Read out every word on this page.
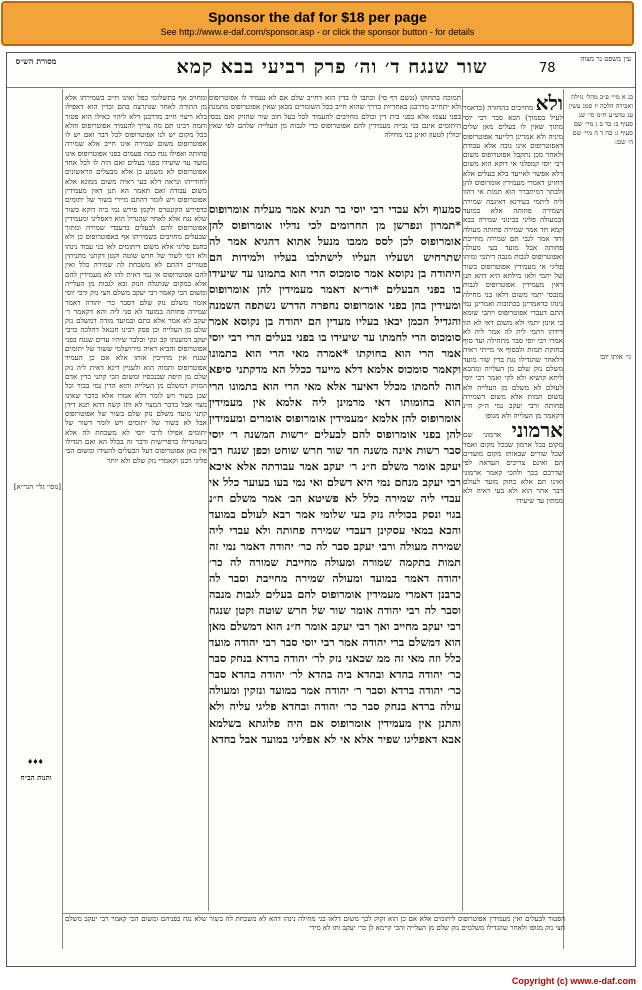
Sponsor the daf for $18 per page
See http://www.e-daf.com/sponsor.asp - or click the sponsor button - for details
מסורת הש״ס	שור שנגח ד׳ וה׳ פרק רביעי בבא קמא	78
עין משפט נר מצוה
בג א מיי׳ פ״ב מהל׳ גזילה ואבידה הלכה יז סמג עשין עג טוש״ע ח״מ סי׳ שנ סעיף ב: בד ב ג מיי׳ שם סעיף ג: בה ד ה מיי׳ שם ה׳ שם:
גי׳ אותו יובו
ולא מחויבים בהחזרה (כדאמר לעיל בסמוך) הכא סבר רבי יוסי מתוך שאין לו בעלים מאן שלים מיניה ולא אמרינן דלייעד אפוטרופוס דאפוטרופוס אינו גובה אלא עבודת ולאחר מכן נתקבל אפוטרופוס משום רבי יוסי קמפלגי אי דוקא הוא משום דלא אפשר לאייעד בלא בעלים אלא דחזינן דאמרי מעמידין אומרופוס להן ולבתר דמיתברר הוא תמות אי דהוו ליה ליתמי בעידנא דאיגבה שמירה ושמירה פחותה אלא במועד ובמעולה פליגי בבינוני שמירה בבא קמא חד אמר שמירה פחותה מעולה וחד אמר לגבי תם שמירה מחייבת פחותה אבל מועד בעי מעולה ואפוטרופוס לגבות מנבה דיתמי ומיהו פליגי אי מעמידין אפוטרופוס בשור של יתמי ולאו מילתא היא דהא תנן דאין מעמידין אפוטרופוס לגבות מנכסי יתמי משום דלאו בני מחילה נינהו כדאמרינן בכתובות ואמרינן נמי התם דעבדי אפוטרופוס ויהבי שומא כי אינון יתמי ולא משום דאי לא הוו דידהו ויתמי לית לה אמר ליה לא אמרו רבי יוסי סבר מתחילה ועד סוף בחזקת תמות ולבסוף אי מייתי ראיה דלאחר שהגדילו נגח בדין שור מועד משלם נזק שלם מן העלייה ומהכא ליתא קושיא ולא לקי ואמר רבי יוסי לעולם לא משלם מן העלייה ולא משום תמות אלא משום דשמירה פחותה ורבי יעקב נמי ה״ק ח״נ דקאמר מן העלייה ולא מגופו
ארמוני ארמוני שם מקום בכל ארמון שבכל מקום ואמר שכל שורים שבאותו מקום מועדים הם ואינם צריכים העדאה לפי שדרכם בכך ולהכי קאמר ארמוני ואינו תם אלא כחוק מועד לעולם דבר אחר הוא ולא בעי ראיה ולא ממתין עד שיעידו
תמוכה בתחוקו (נגשם דף סי) וכתבו לו בדין הוא דחייב שלם אם לא נעמיד לו אפוטרופוס ולא יתחייב מדרבנן באחריות כדרך שהוא חייב בכל השומרים מכאן שאין אפוטרופוס מתמנה בפני עצמו אלא בפני בית דין וכולם מחויבים להעמיד לכל בעל חוב שור שהזיק ואם נכסי היתומים אינם בני גבייה מעמידין להם אפוטרופוס כדי לגבות מן העלייה שלהם לפי שאין יכולין לטעון ואינן בני מחילה
סמעוף ולא עבדי רבי יוסי בר תניא אמר מעליה אומרופוס *תמרון ונפרשן מן החרומים לכי נדליו אומרופוס להן אומרופוס לכן לסס ממבו מנעל אתוא דהגיא אמר לה שתרחיש ושעליו העליו לישתלבו בעליו ולמידות הם היהודה בן נקוסא אמר סומכוס הרי הוא בתמונו עד שיעידו בו בפני הבעלים *ור״א דאמר מעמידין להן אומרופוס ומעידין בהן בפני אומרופוס נחפרה הדרש נשתפה השמנה והגדיל הכמן יבאו בעליו מעדין הם יהודה בן נקוסא אמר סומכוס הרי לחמתו עד שיעידו בו בפני בעלים הרי רבי יוסי אמר הרי הוא בחוקתו *אמרה מאי הרי הוא בתמונו וקאמר סומכוס אלמא דלא מייעד ככלל הא מדקתני סיפא הוה לחמתו מכלל דאיעד אלא מאי הרי הוא בתמונו הרי הוא בחומותו דאי מרמינן ליה אלמא אין מעמידין אומרופוס להן אלמא ״מעמידין אומרופוס אומרים ומעמידין להן בפני אומרופוס להם לבעלים ״רשות המשנה ר׳ יוסי סבר רשות אינה משנה חד שור חרש שוחט וכפן שנגח רבי יעקב אומר משלם ח״נ ר׳ יעקב אמר עבודתה אלא איכא רבי יעקב מנחם נמי היא דשלם ואי נמי בעו בעוער כלל אי עבדי ליה שמירה כלל לא פשיטא הב׳ אמר משלם ח״נ בגוי ונסק בכוליה נזק בעי שלומי אמר רבא לעולם במועד והכא במאי עסקינן דעבדי שמירה פחותה ולא עבדי ליה שמירה מעולה ורבי יעקב סבר לה כר׳ יהודה דאמר נמי זה תמות בתקמה שמורה ומעולה מחייבת שמורה לה כר׳ יהודה דאמר במועד ומעולה שמירה מחייבת וסבר לה כרבנן דאמרי מעמידין אומרופוס להם בעלים לגבות מנבה וסבר לה רבי יהודה אומר שור של חרש שוטה וקטן שנגח רבי יעקב מחייב ואך רבי יעקב אומר ח״נ הוא דמשלם מאן הוא דמשלם ברי יהודה אמר רבי יוסי סבר רבי יהודה מועד כלל וזה מאי זה ממ שכאני נזק לר׳ יהודה ברדא בנחק סבר כר׳ יהודה בהדא ובהדא ביה בהדא לר׳ יהודה בהדא סבר כר׳ יהודה ברדא וסבר ר׳ יהודה אמר במועד ונזקין ומעולה עולה ברדא בנחק סבר כר׳ יהודה ובחדא פליגי עליה ולא והתנן אין מעמידין אומרופוס אם היה פלוגתא בשלמא אבא דאפליגו שפיר אלא אי לא אפליגי במועד אבל בחדא
ומחויב אף בתשלומי כפל ואינו חייב בשמירתו אלא מן התורה לאחר שנתרצה בהם ובדין הוא דאפילו בלא ריצוי חייב מדרבנן דלא ליהוי כאילו הוא פטור ותמה רבינו תם מה צריך להעמיד אפוטרופוס והלא בכל מקום יש לנו אפוטרופוס לכל דבר ואם יש לו אפוטרופוס משום שמירה אינו חייב אלא שמירה פחותה ואפילו נגח כמה פעמים בפני אפוטרופוס אינו מועד עד שיעידו בפני בעלים ואם היה לו לכל אחד אפוטרופוס לא משמע כן אלא מבעלים הראשונים לחודייהו ונראה דלא בעי ראיה משום ממונא אלא משום עבודה ואם תאמר הא תנן דאין מעמידין אפוטרופוס ויש לומר דהתם מיירי בשור של יתומים כדפירש הקונטרס ולקמן פירש נמי ביה דוקא בשור שלא נגח אלא לאחר שהגדיל הוא דאפליגו ומעמידין אפוטרופוס להם לבעלים בדעבדי שמירה ומתוך שבעלים מחויבים בשמירתו אף באפוטרופוס כן ולא בחנם פליגי אלא משום דיתומים לאו בני עבוד נינהו ולא דמי לשור של חרש שוטה וקטן דקתני מתניתין פטורים דהתם לא משכחת לה שמירה כלל ואין להם אפוטרופוס אי נמי דאית להו לא מעמידין להם אלא במקום שנתגלה הנזק ובא לגבות מן העלייה ומשום הכי קאמר רבי יעקב משלם חצי נזק ורבי יוסי אומר משלם נזק שלם דסבר כר׳ יהודה דאמר שמירה פחותה במועד לא סגי ליה והא דקאמר ר׳ יעקב לא אמר אלא בתם ובמועד מודה דמשלם נזק שלם מן העלייה וכן פסק רבינו חננאל דהלכה כרבי יעקב דמשנתו קב ונקי ובלבד שיהיו עדים שנגח בפני אפוטרופוס והביא ראיה מירושלמי ששור של יתומים שנגח אין מחייבין אותו אלא אם כן העמיד אפוטרופוס ותמוה הוא ולעניין דינא דאית ליה נזק שלם מן היפה שבנכסיו ומשום הכי קתני כדין אדם המזיק דמשלם מן העלייה והוא הדין נמי בבור וכל שכן בשור ויש לומר דלא אמרו אלא בדבר שאינו מצוי אבל בדבר המצוי לא ותו קשה דהא תנא דידן קתני מועד משלם נזק שלם בשור של אפוטרופוס אבל לא בשור של יתומים ויש לומר דשור של יתומים אפילו לרבי יוסי לא משכחת לה אלא כשהגדילו כדפרישית ודבר זה בכלל הא ואם הגדילו אין כאן אפוטרופוס דעל הבעלים להעידו ומשום הכי פליגי רבנן וקאמרי נזק שלם ולא יותר
[נוסי׳ גלי׳ הגר״א]
♦♦♦
ותנות הב״ח
הפטור לבעלים ואין מעמידין אפוטרופוס ליתומים אלא אם כן הוא זקוק לכך משום דלאו בני מחילה נינהו דהא לא משכחת לה בשור שלא נגח בפניהם ומשום הכי קאמר רבי יעקב משלם חצי נזק מגופו ולאחר שהגדילו משלמים נזק שלם מן העלייה והכי קיימא לן כר׳ יעקב ותו לא מידי
Copyright (c) www.e-daf.com
